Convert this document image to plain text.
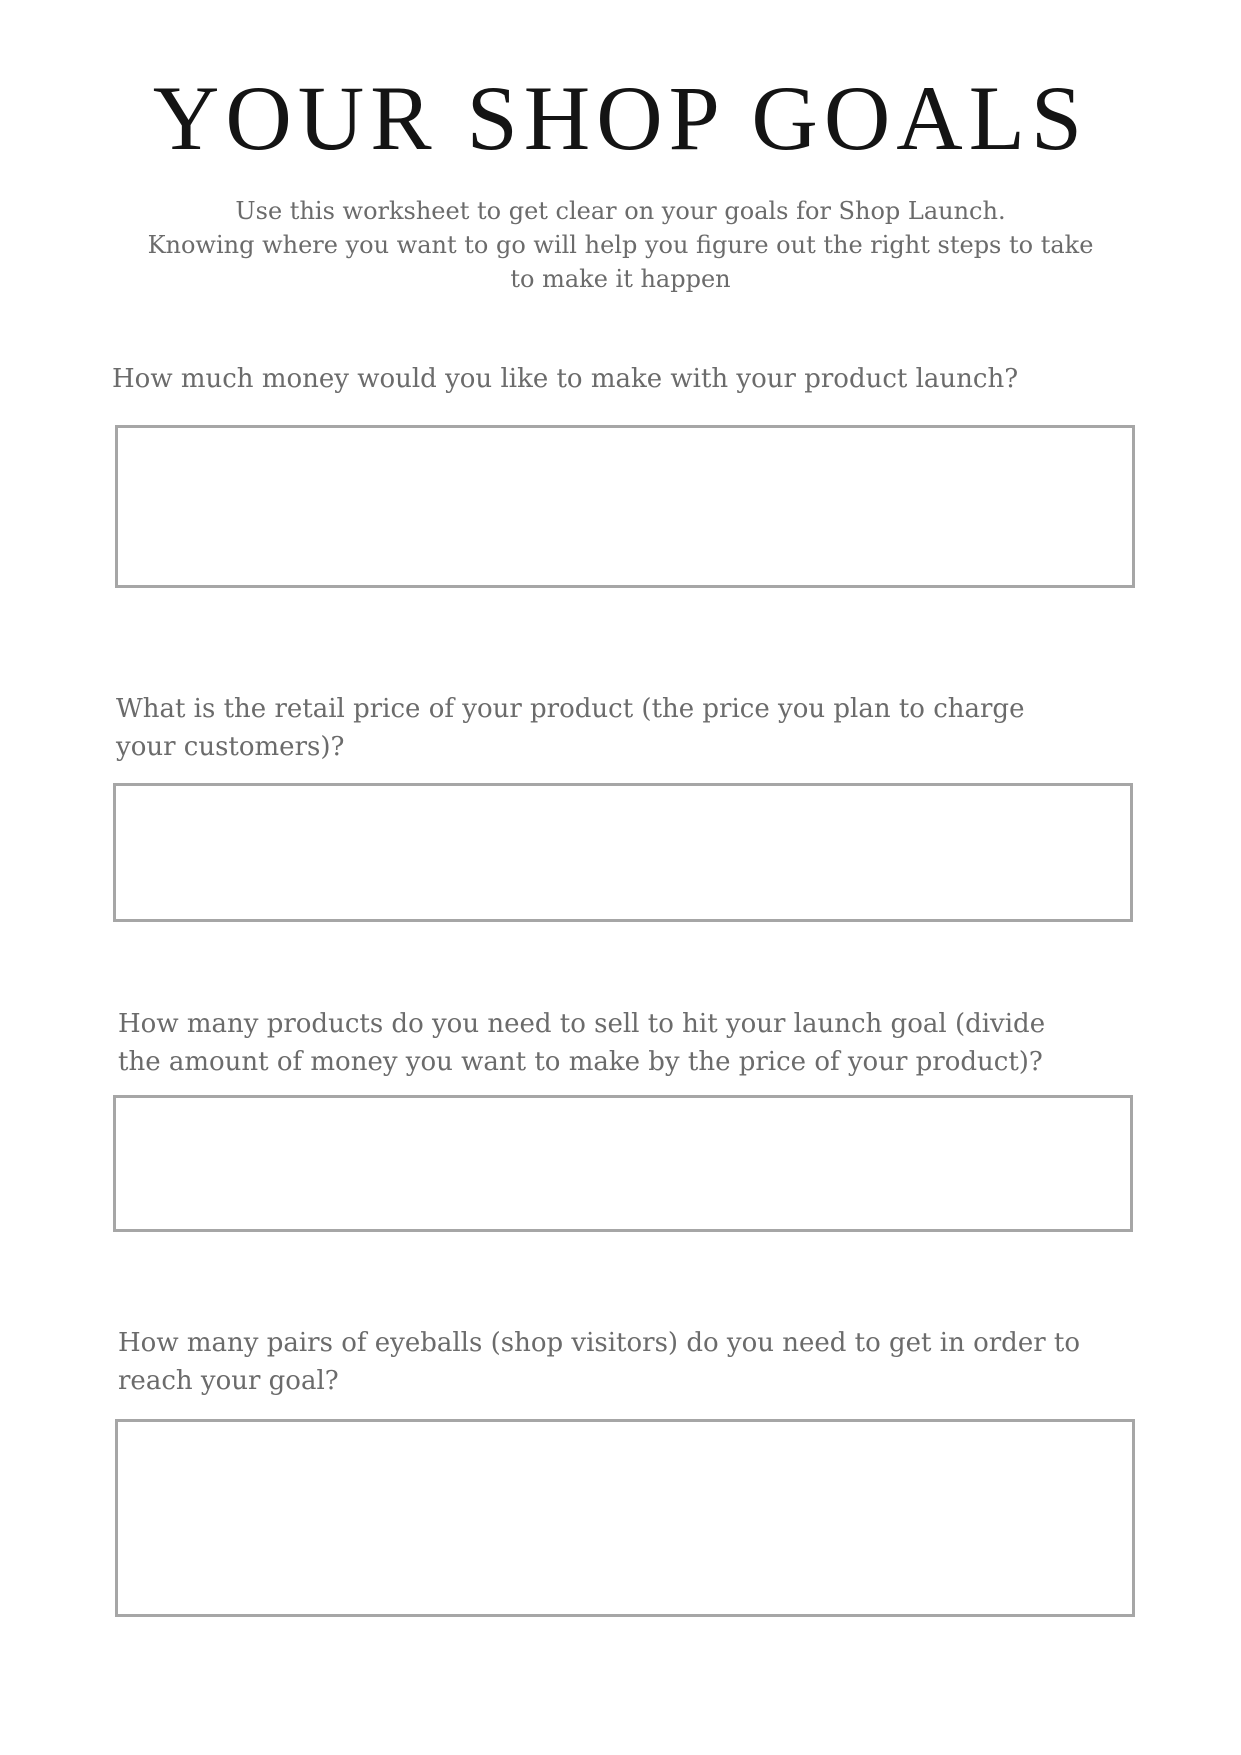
YOUR SHOP GOALS
Use this worksheet to get clear on your goals for Shop Launch.
Knowing where you want to go will help you figure out the right steps to take
to make it happen

How much money would you like to make with your product launch?

What is the retail price of your product (the price you plan to charge your customers)?

How many products do you need to sell to hit your launch goal (divide the amount of money you want to make by the price of your product)?

How many pairs of eyeballs (shop visitors) do you need to get in order to reach your goal?
